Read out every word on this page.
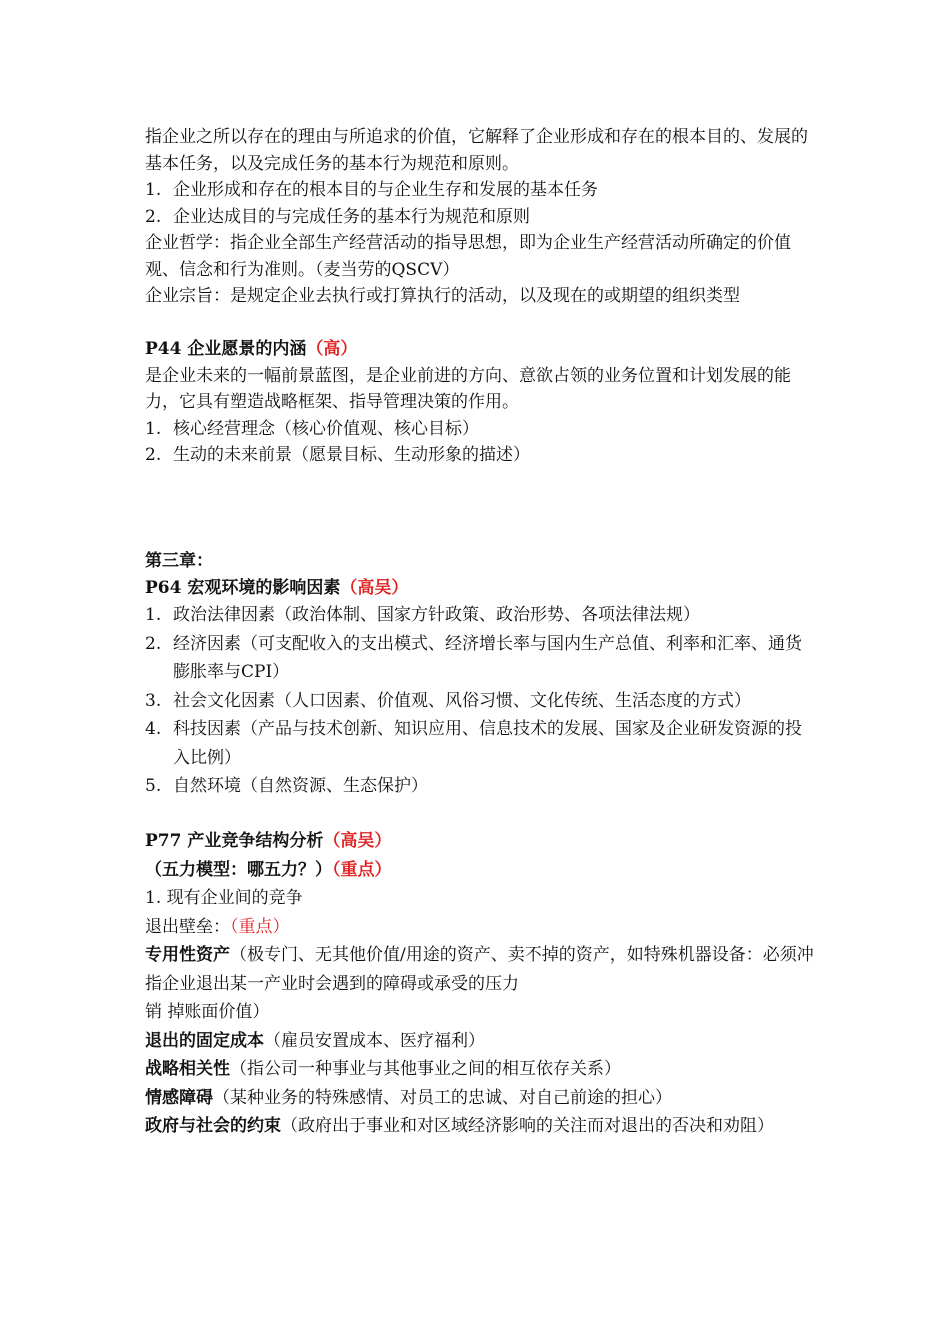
指企业之所以存在的理由与所追求的价值，它解释了企业形成和存在的根本目的、发展的基本任务，以及完成任务的基本行为规范和原则。

1. 企业形成和存在的根本目的与企业生存和发展的基本任务
2. 企业达成目的与完成任务的基本行为规范和原则

企业哲学：指企业全部生产经营活动的指导思想，即为企业生产经营活动所确定的价值观、信念和行为准则。（麦当劳的QSCV）

企业宗旨：是规定企业去执行或打算执行的活动，以及现在的或期望的组织类型

P44 企业愿景的内涵（高）

是企业未来的一幅前景蓝图，是企业前进的方向、意欲占领的业务位置和计划发展的能力，它具有塑造战略框架、指导管理决策的作用。

1. 核心经营理念（核心价值观、核心目标）
2. 生动的未来前景（愿景目标、生动形象的描述）

第三章：

P64 宏观环境的影响因素（高吴）

1. 政治法律因素（政治体制、国家方针政策、政治形势、各项法律法规）
2. 经济因素（可支配收入的支出模式、经济增长率与国内生产总值、利率和汇率、通货膨胀率与CPI）
3. 社会文化因素（人口因素、价值观、风俗习惯、文化传统、生活态度的方式）
4. 科技因素（产品与技术创新、知识应用、信息技术的发展、国家及企业研发资源的投入比例）
5. 自然环境（自然资源、生态保护）

P77 产业竞争结构分析（高吴）

（五力模型：哪五力？）（重点）

1. 现有企业间的竞争

退出壁垒：（重点）

专用性资产（极专门、无其他价值/用途的资产、卖不掉的资产，如特殊机器设备：必须冲指企业退出某一产业时会遇到的障碍或承受的压力

销 掉账面价值）

退出的固定成本（雇员安置成本、医疗福利）

战略相关性（指公司一种事业与其他事业之间的相互依存关系）

情感障碍（某种业务的特殊感情、对员工的忠诚、对自己前途的担心）

政府与社会的约束（政府出于事业和对区域经济影响的关注而对退出的否决和劝阻）
